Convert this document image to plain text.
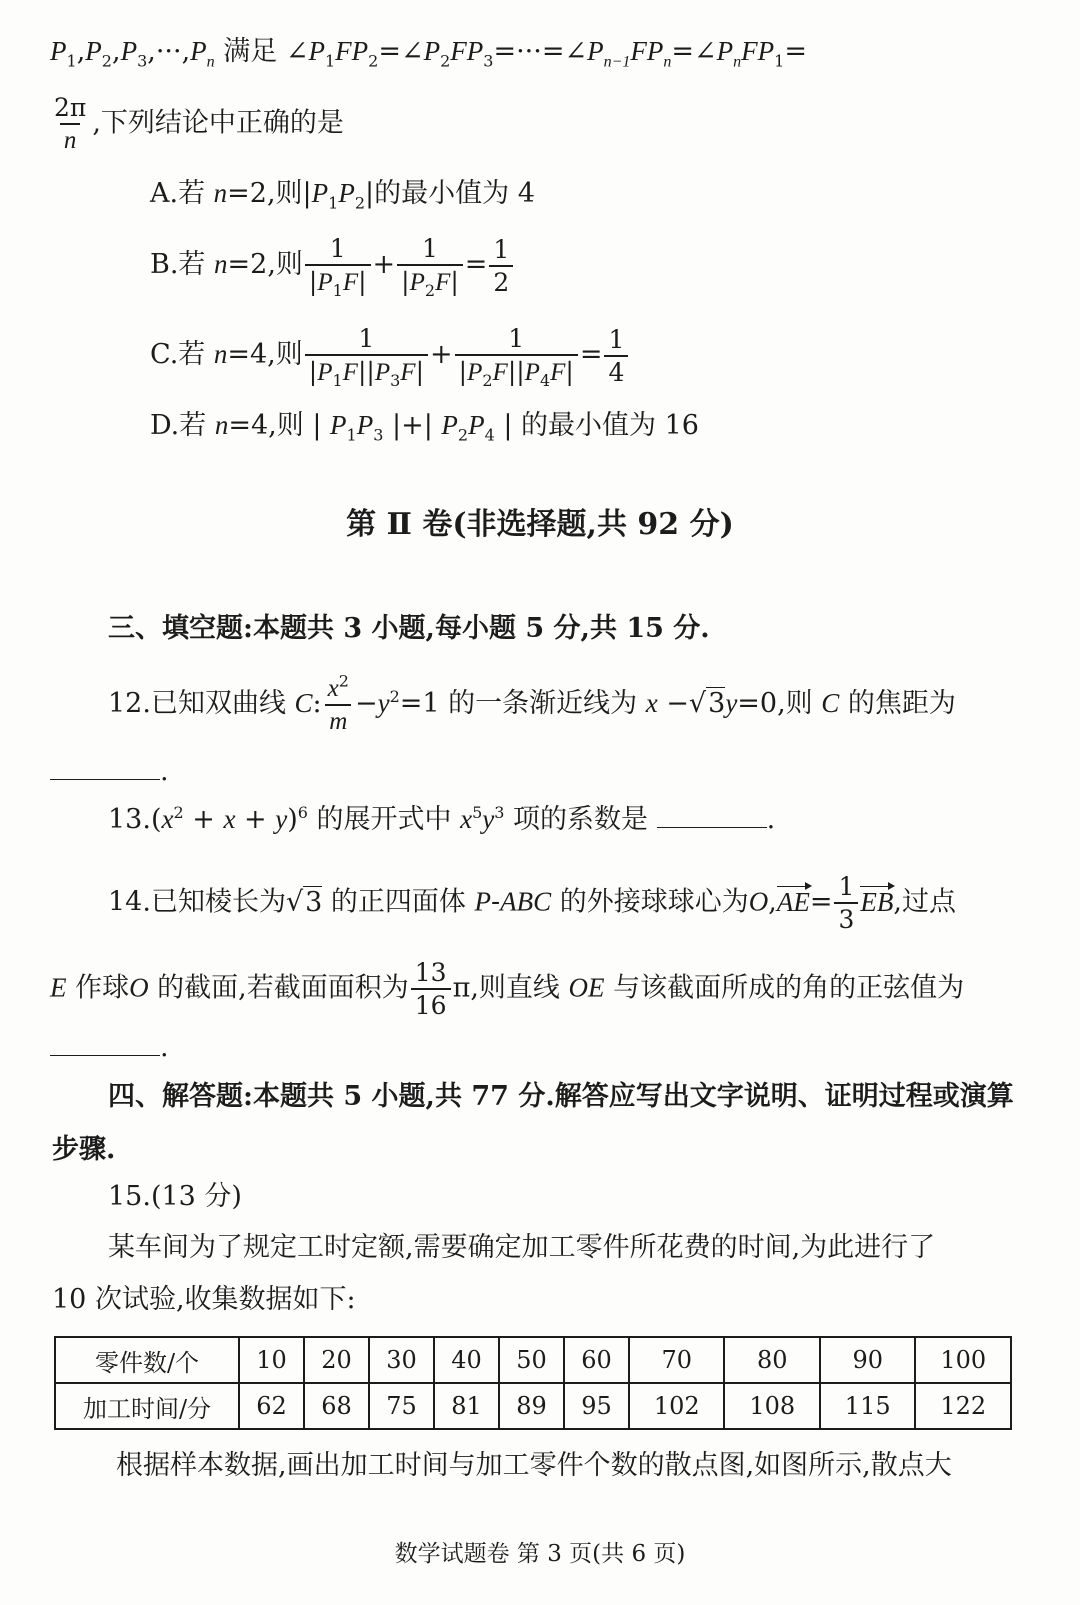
$P_1,P_2,P_3,\cdot\cdot\cdot,P_n$ 满足 $\angle P_1FP_2=\angle P_2FP_3=\cdot\cdot\cdot=\angle P_{n-1}FP_n=\angle P_nFP_1=$
$\frac{2\pi}{n}$ ,下列结论中正确的是
A.若 n=2,则$|P_1P_2|$的最小值为 4
B.若 n=2,则 $\frac{1}{|P_1F|} + \frac{1}{|P_2F|} = \frac{1}{2}$
C.若 n=4,则 $\frac{1}{|P_1F||P_3F|} + \frac{1}{|P_2F||P_4F|} = \frac{1}{4}$
D.若 n=4,则 | $P_1P_3$ |+| $P_2P_4$ | 的最小值为 16
第 Ⅱ 卷(非选择题,共 92 分)
三、填空题:本题共 3 小题,每小题 5 分,共 15 分.
12.已知双曲线 C: $\frac{x^2}{m} -y^2=1$ 的一条渐近线为 x −√3y=0,则 C 的焦距为
.
$13.(x^2 + x + y)^6$ 的展开式中 $x^5y^3$ 项的系数是	.
14.已知棱长为√3 的正四面体 P-ABC 的外接球球心为$O,AE= \frac{1}{3}$ EB,过点
E 作球O 的截面,若截面面积为 $\frac{13}{16} \pi$,则直线 OE 与该截面所成的角的正弦值为
.
四、解答题:本题共 5 小题,共 77 分.解答应写出文字说明、证明过程或演算
步骤.
15.(13 分)
某车间为了规定工时定额,需要确定加工零件所花费的时间,为此进行了
10 次试验,收集数据如下:
零件数/个	10	20	30	40	50	60	70	80	90	100
加工时间/分	62	68	75	81	89	95	102	108	115	122
根据样本数据,画出加工时间与加工零件个数的散点图,如图所示,散点大
数学试题卷 第 3 页(共 6 页)
